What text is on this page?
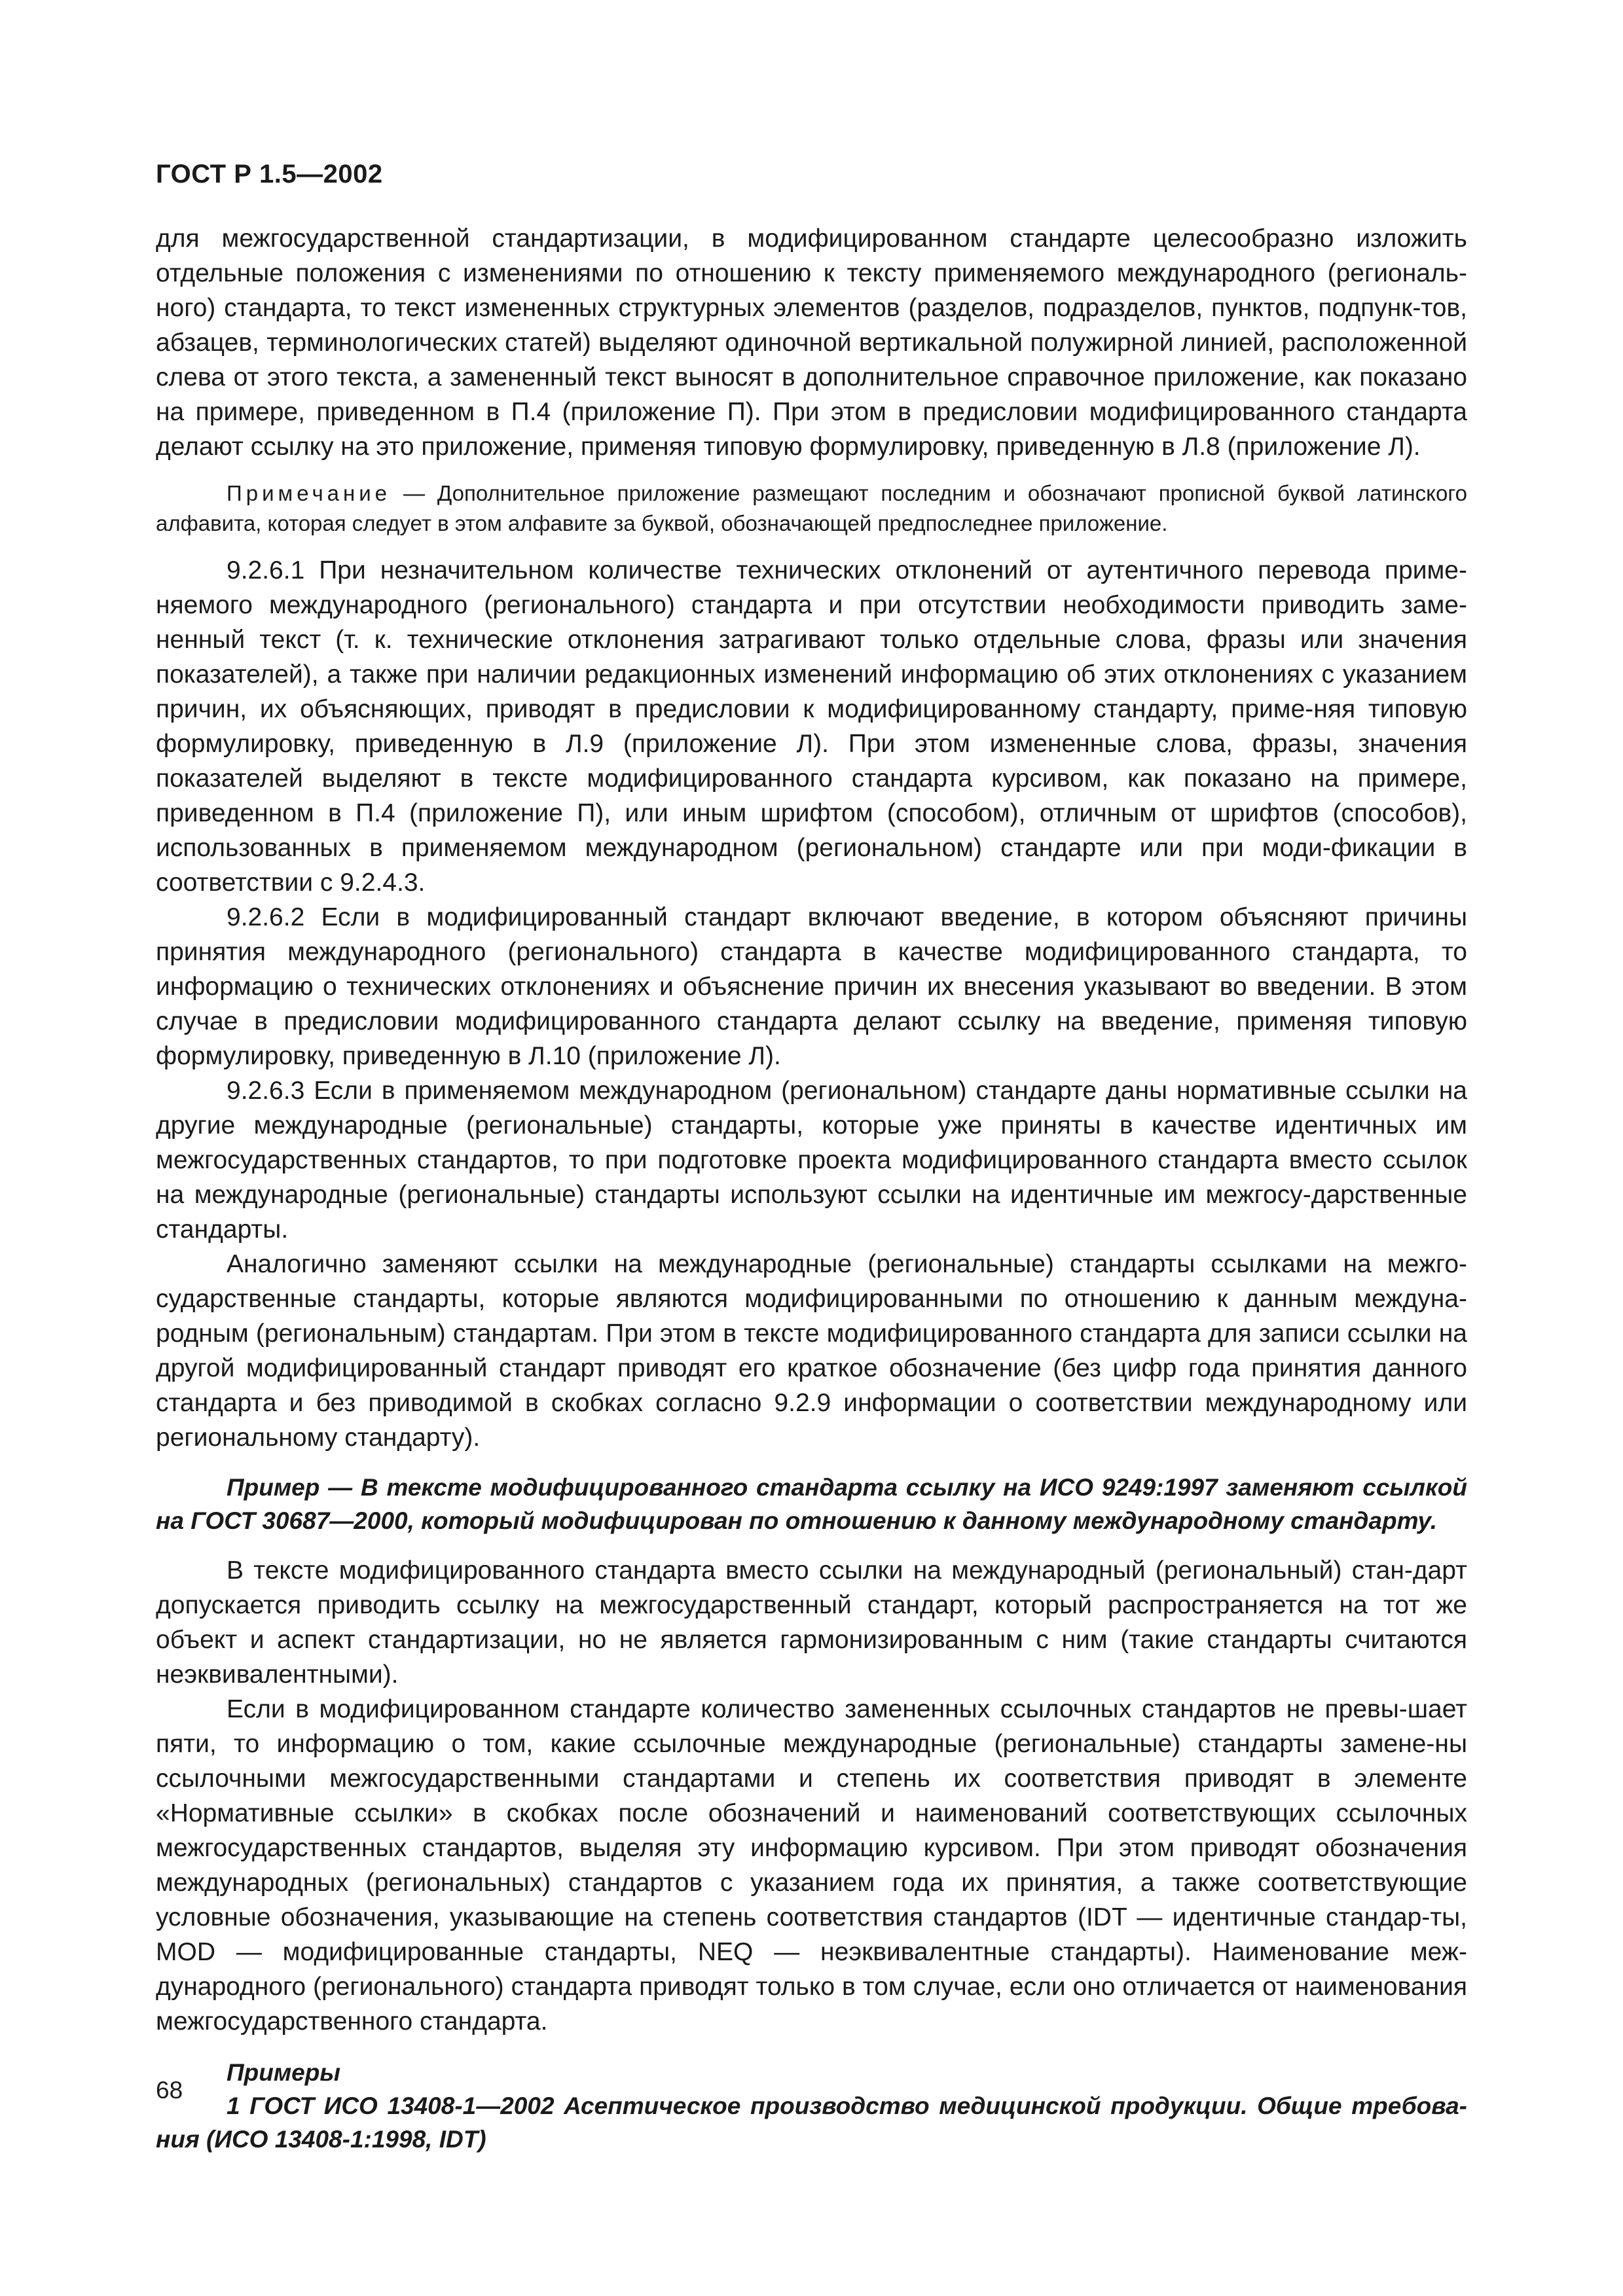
ГОСТ Р 1.5—2002

для межгосударственной стандартизации, в модифицированном стандарте целесообразно изложить отдельные положения с изменениями по отношению к тексту применяемого международного (региональ-ного) стандарта, то текст измененных структурных элементов (разделов, подразделов, пунктов, подпунк-тов, абзацев, терминологических статей) выделяют одиночной вертикальной полужирной линией, расположенной слева от этого текста, а замененный текст выносят в дополнительное справочное приложение, как показано на примере, приведенном в П.4 (приложение П). При этом в предисловии модифицированного стандарта делают ссылку на это приложение, применяя типовую формулировку, приведенную в Л.8 (приложение Л).

Примечание — Дополнительное приложение размещают последним и обозначают прописной буквой латинского алфавита, которая следует в этом алфавите за буквой, обозначающей предпоследнее приложение.

9.2.6.1 При незначительном количестве технических отклонений от аутентичного перевода приме-няемого международного (регионального) стандарта и при отсутствии необходимости приводить заме-ненный текст (т. к. технические отклонения затрагивают только отдельные слова, фразы или значения показателей), а также при наличии редакционных изменений информацию об этих отклонениях с указанием причин, их объясняющих, приводят в предисловии к модифицированному стандарту, приме-няя типовую формулировку, приведенную в Л.9 (приложение Л). При этом измененные слова, фразы, значения показателей выделяют в тексте модифицированного стандарта курсивом, как показано на примере, приведенном в П.4 (приложение П), или иным шрифтом (способом), отличным от шрифтов (способов), использованных в применяемом международном (региональном) стандарте или при моди-фикации в соответствии с 9.2.4.3.

9.2.6.2 Если в модифицированный стандарт включают введение, в котором объясняют причины принятия международного (регионального) стандарта в качестве модифицированного стандарта, то информацию о технических отклонениях и объяснение причин их внесения указывают во введении. В этом случае в предисловии модифицированного стандарта делают ссылку на введение, применяя типовую формулировку, приведенную в Л.10 (приложение Л).

9.2.6.3 Если в применяемом международном (региональном) стандарте даны нормативные ссылки на другие международные (региональные) стандарты, которые уже приняты в качестве идентичных им межгосударственных стандартов, то при подготовке проекта модифицированного стандарта вместо ссылок на международные (региональные) стандарты используют ссылки на идентичные им межгосу-дарственные стандарты.

Аналогично заменяют ссылки на международные (региональные) стандарты ссылками на межго-сударственные стандарты, которые являются модифицированными по отношению к данным междуна-родным (региональным) стандартам. При этом в тексте модифицированного стандарта для записи ссылки на другой модифицированный стандарт приводят его краткое обозначение (без цифр года принятия данного стандарта и без приводимой в скобках согласно 9.2.9 информации о соответствии международному или региональному стандарту).

Пример — В тексте модифицированного стандарта ссылку на ИСО 9249:1997 заменяют ссылкой на ГОСТ 30687—2000, который модифицирован по отношению к данному международному стандарту.

В тексте модифицированного стандарта вместо ссылки на международный (региональный) стан-дарт допускается приводить ссылку на межгосударственный стандарт, который распространяется на тот же объект и аспект стандартизации, но не является гармонизированным с ним (такие стандарты считаются неэквивалентными).

Если в модифицированном стандарте количество замененных ссылочных стандартов не превы-шает пяти, то информацию о том, какие ссылочные международные (региональные) стандарты замене-ны ссылочными межгосударственными стандартами и степень их соответствия приводят в элементе «Нормативные ссылки» в скобках после обозначений и наименований соответствующих ссылочных межгосударственных стандартов, выделяя эту информацию курсивом. При этом приводят обозначения международных (региональных) стандартов с указанием года их принятия, а также соответствующие условные обозначения, указывающие на степень соответствия стандартов (IDT — идентичные стандар-ты, MOD — модифицированные стандарты, NEQ — неэквивалентные стандарты). Наименование меж-дународного (регионального) стандарта приводят только в том случае, если оно отличается от наименования межгосударственного стандарта.

Примеры

1 ГОСТ ИСО 13408-1—2002 Асептическое производство медицинской продукции. Общие требова-ния (ИСО 13408-1:1998, IDT)

68
